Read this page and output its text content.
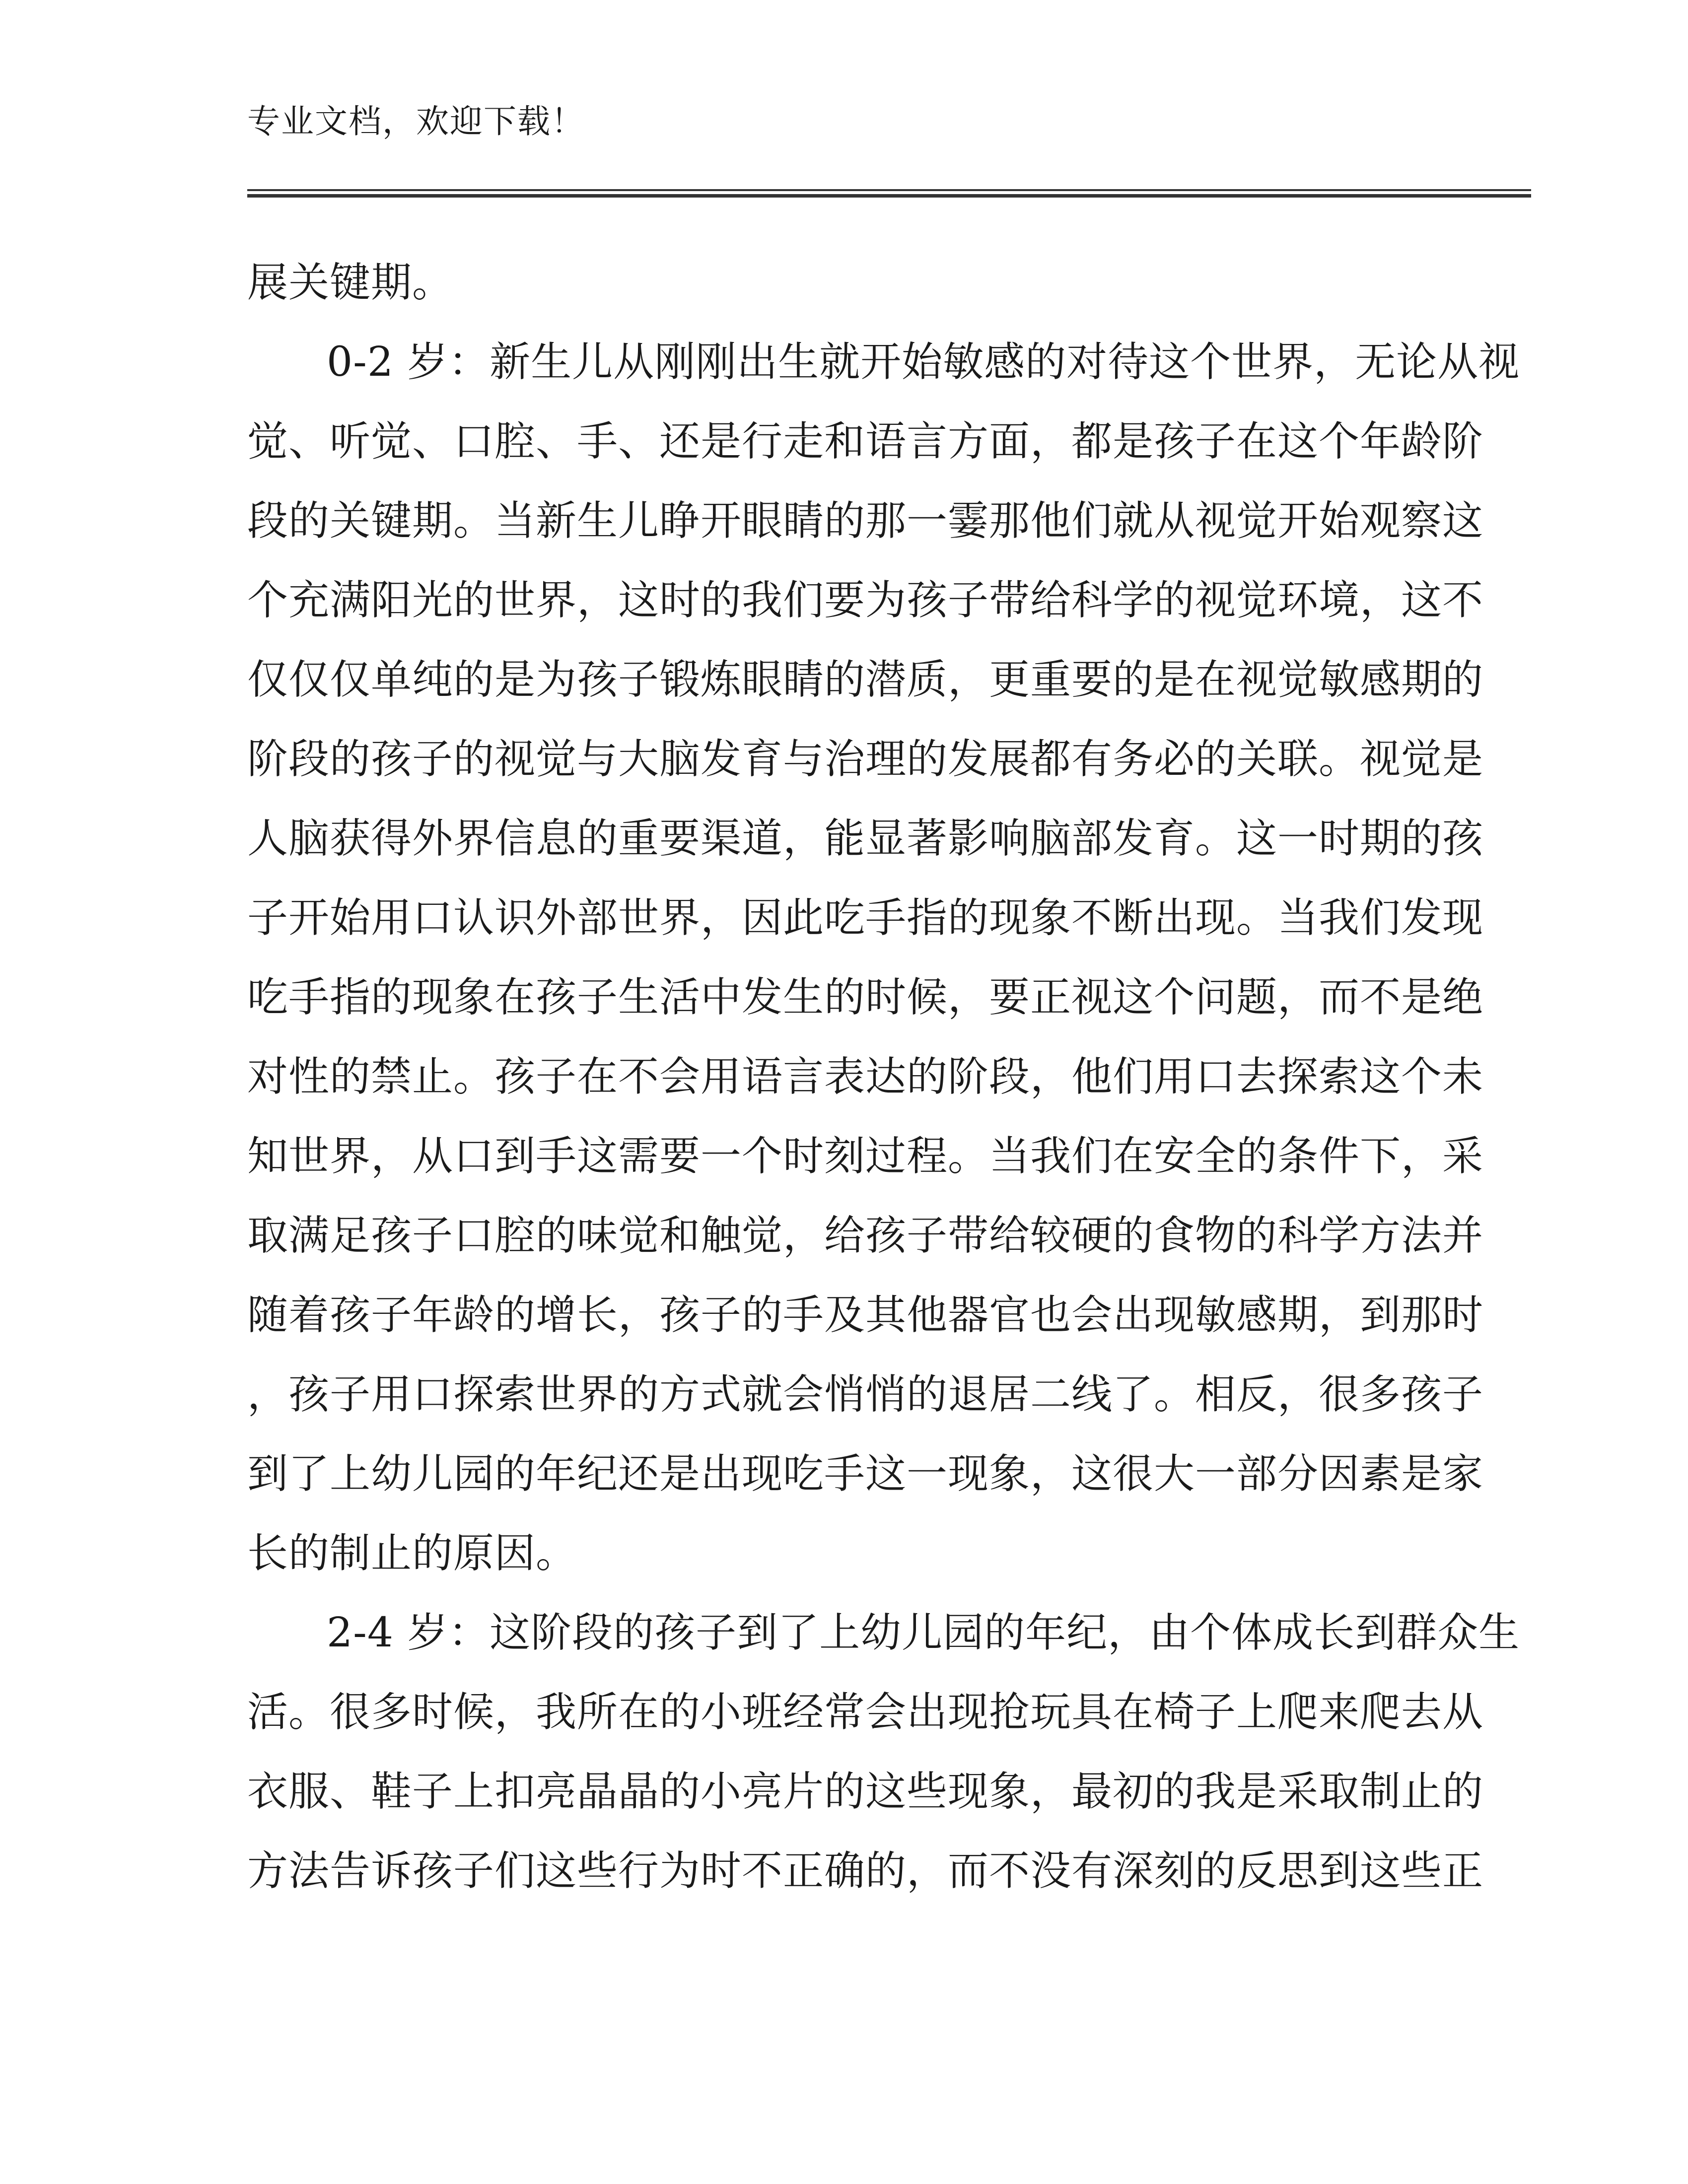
专业文档，欢迎下载！
展关键期。
0-2 岁：新生儿从刚刚出生就开始敏感的对待这个世界，无论从视
觉、听觉、口腔、手、还是行走和语言方面，都是孩子在这个年龄阶
段的关键期。当新生儿睁开眼睛的那一霎那他们就从视觉开始观察这
个充满阳光的世界，这时的我们要为孩子带给科学的视觉环境，这不
仅仅仅单纯的是为孩子锻炼眼睛的潜质，更重要的是在视觉敏感期的
阶段的孩子的视觉与大脑发育与治理的发展都有务必的关联。视觉是
人脑获得外界信息的重要渠道，能显著影响脑部发育。这一时期的孩
子开始用口认识外部世界，因此吃手指的现象不断出现。当我们发现
吃手指的现象在孩子生活中发生的时候，要正视这个问题，而不是绝
对性的禁止。孩子在不会用语言表达的阶段，他们用口去探索这个未
知世界，从口到手这需要一个时刻过程。当我们在安全的条件下，采
取满足孩子口腔的味觉和触觉，给孩子带给较硬的食物的科学方法并
随着孩子年龄的增长，孩子的手及其他器官也会出现敏感期，到那时
，孩子用口探索世界的方式就会悄悄的退居二线了。相反，很多孩子
到了上幼儿园的年纪还是出现吃手这一现象，这很大一部分因素是家
长的制止的原因。
2-4 岁：这阶段的孩子到了上幼儿园的年纪，由个体成长到群众生
活。很多时候，我所在的小班经常会出现抢玩具在椅子上爬来爬去从
衣服、鞋子上扣亮晶晶的小亮片的这些现象，最初的我是采取制止的
方法告诉孩子们这些行为时不正确的，而不没有深刻的反思到这些正
